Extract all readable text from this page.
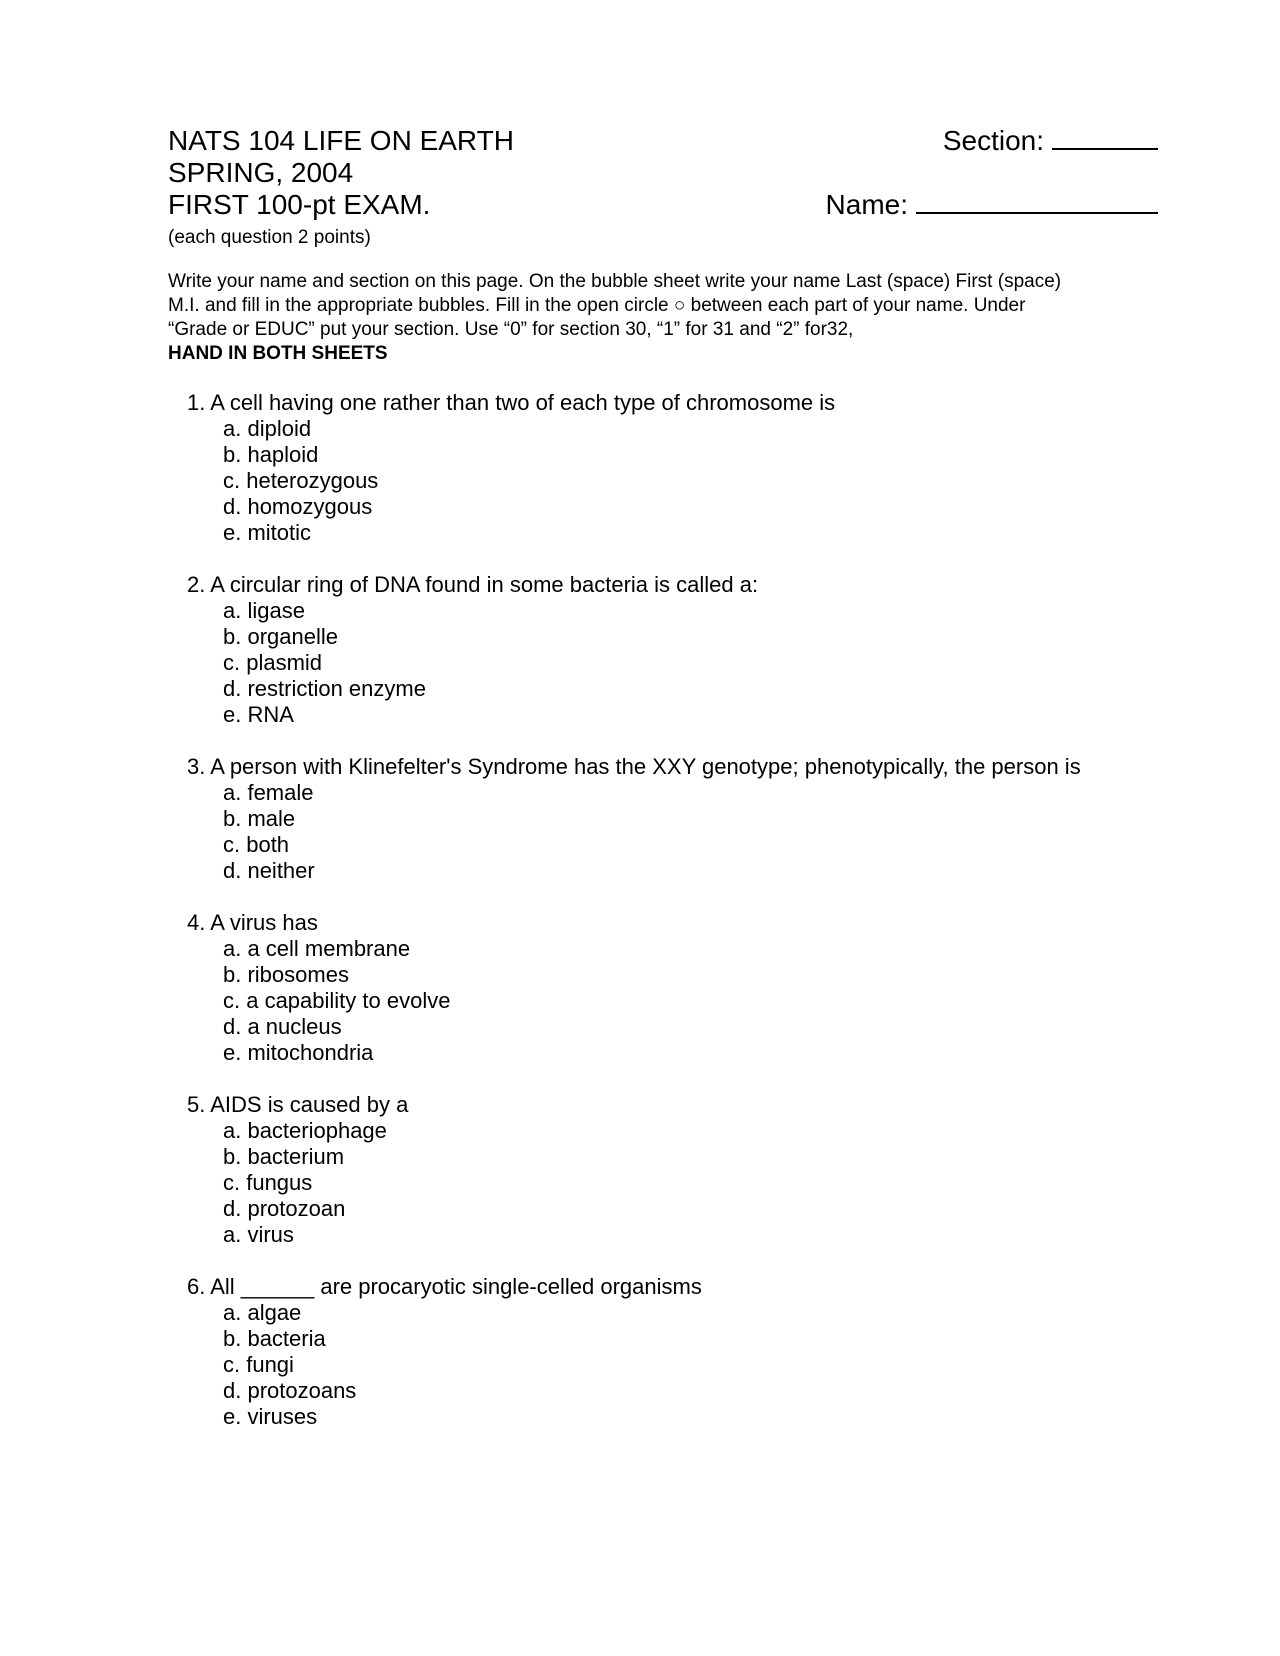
NATS 104 LIFE ON EARTH	Section:
SPRING, 2004
FIRST 100-pt EXAM.	Name:
(each question 2 points)

Write your name and section on this page. On the bubble sheet write your name Last (space) First (space) M.I. and fill in the appropriate bubbles. Fill in the open circle ○ between each part of your name. Under “Grade or EDUC” put your section. Use “0” for section 30, “1” for 31 and “2” for32,

HAND IN BOTH SHEETS

1. A cell having one rather than two of each type of chromosome is

a. diploid
b. haploid
c. heterozygous
d. homozygous
e. mitotic

2. A circular ring of DNA found in some bacteria is called a:

a. ligase
b. organelle
c. plasmid
d. restriction enzyme
e. RNA

3. A person with Klinefelter's Syndrome has the XXY genotype; phenotypically, the person is

a. female
b. male
c. both
d. neither

4. A virus has

a. a cell membrane
b. ribosomes
c. a capability to evolve
d. a nucleus
e. mitochondria

5. AIDS is caused by a

a. bacteriophage
b. bacterium
c. fungus
d. protozoan
a. virus

6. All ______ are procaryotic single-celled organisms

a. algae
b. bacteria
c. fungi
d. protozoans
e. viruses
